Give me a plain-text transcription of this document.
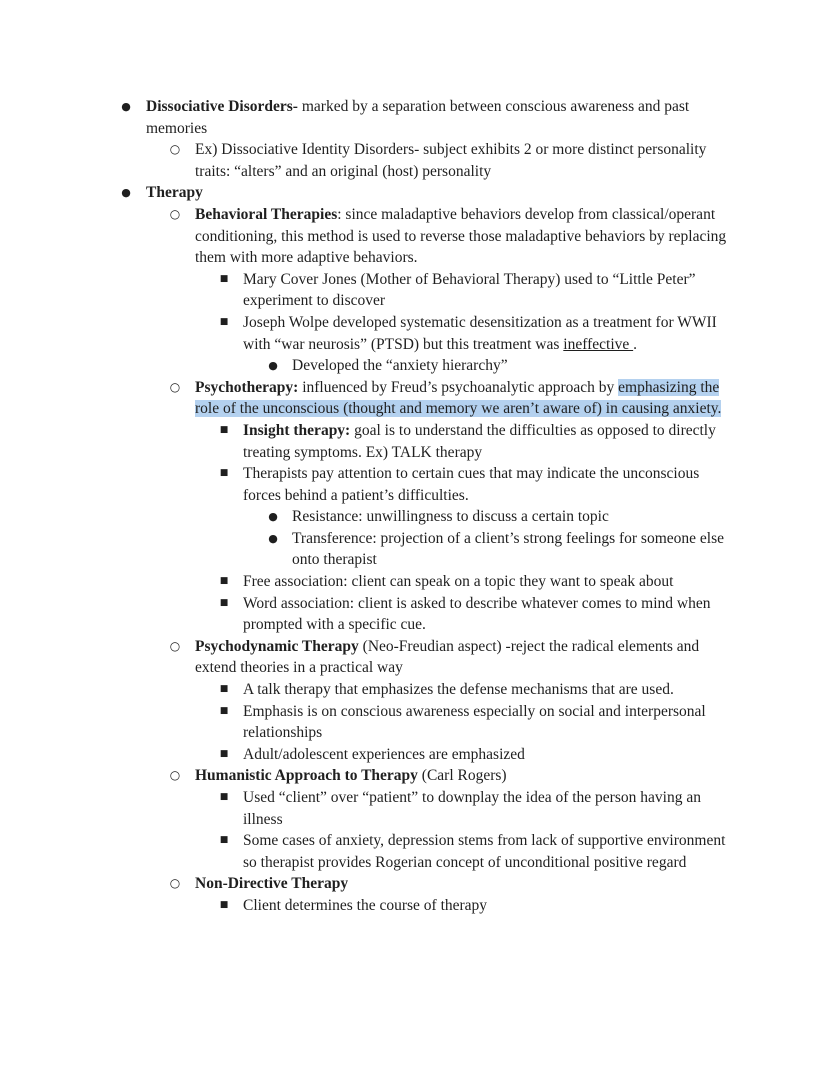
● Dissociative Disorders- marked by a separation between conscious awareness and past memories
○ Ex) Dissociative Identity Disorders- subject exhibits 2 or more distinct personality traits: “alters” and an original (host) personality
● Therapy
○ Behavioral Therapies: since maladaptive behaviors develop from classical/operant conditioning, this method is used to reverse those maladaptive behaviors by replacing them with more adaptive behaviors.
■ Mary Cover Jones (Mother of Behavioral Therapy) used to “Little Peter” experiment to discover
■ Joseph Wolpe developed systematic desensitization as a treatment for WWII with “war neurosis” (PTSD) but this treatment was ineffective .
● Developed the “anxiety hierarchy”
○ Psychotherapy: influenced by Freud’s psychoanalytic approach by emphasizing the role of the unconscious (thought and memory we aren’t aware of) in causing anxiety.
■ Insight therapy: goal is to understand the difficulties as opposed to directly treating symptoms. Ex) TALK therapy
■ Therapists pay attention to certain cues that may indicate the unconscious forces behind a patient’s difficulties.
● Resistance: unwillingness to discuss a certain topic
● Transference: projection of a client’s strong feelings for someone else onto therapist
■ Free association: client can speak on a topic they want to speak about
■ Word association: client is asked to describe whatever comes to mind when prompted with a specific cue.
○ Psychodynamic Therapy (Neo-Freudian aspect) -reject the radical elements and extend theories in a practical way
■ A talk therapy that emphasizes the defense mechanisms that are used.
■ Emphasis is on conscious awareness especially on social and interpersonal relationships
■ Adult/adolescent experiences are emphasized
○ Humanistic Approach to Therapy (Carl Rogers)
■ Used “client” over “patient” to downplay the idea of the person having an illness
■ Some cases of anxiety, depression stems from lack of supportive environment so therapist provides Rogerian concept of unconditional positive regard
○ Non-Directive Therapy
■ Client determines the course of therapy
